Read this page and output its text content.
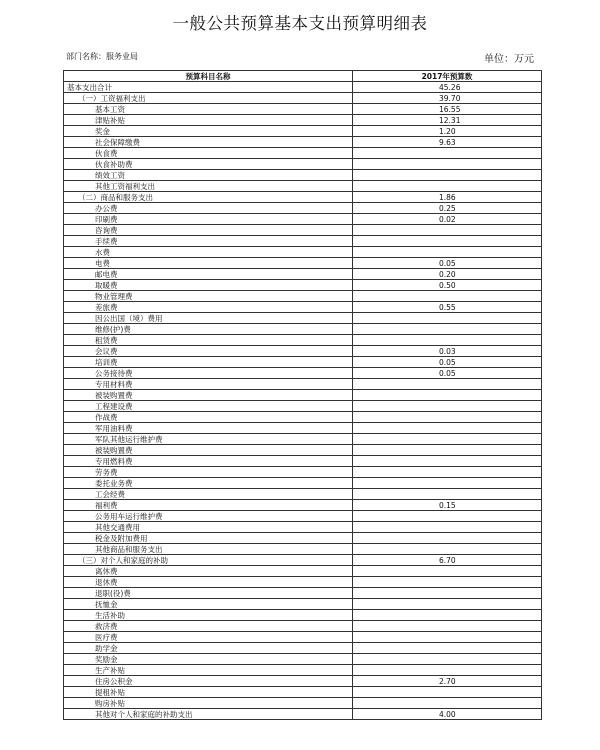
一般公共预算基本支出预算明细表
部门名称：服务业局	单位：万元
预算科目名称	2017年预算数
基本支出合计	45.26
（一）工资福利支出	39.70
基本工资	16.55
津贴补贴	12.31
奖金	1.20
社会保障缴费	9.63
伙食费	
伙食补助费	
绩效工资	
其他工资福利支出	
（二）商品和服务支出	1.86
办公费	0.25
印刷费	0.02
咨询费	
手续费	
水费	
电费	0.05
邮电费	0.20
取暖费	0.50
物业管理费	
差旅费	0.55
因公出国（境）费用	
维修(护)费	
租赁费	
会议费	0.03
培训费	0.05
公务接待费	0.05
专用材料费	
被装购置费	
工程建设费	
作战费	
军用油料费	
军队其他运行维护费	
被装购置费	
专用燃料费	
劳务费	
委托业务费	
工会经费	
福利费	0.15
公务用车运行维护费	
其他交通费用	
税金及附加费用	
其他商品和服务支出	
（三）对个人和家庭的补助	6.70
离休费	
退休费	
退职(役)费	
抚恤金	
生活补助	
救济费	
医疗费	
助学金	
奖励金	
生产补贴	
住房公积金	2.70
提租补贴	
购房补贴	
其他对个人和家庭的补助支出	4.00
